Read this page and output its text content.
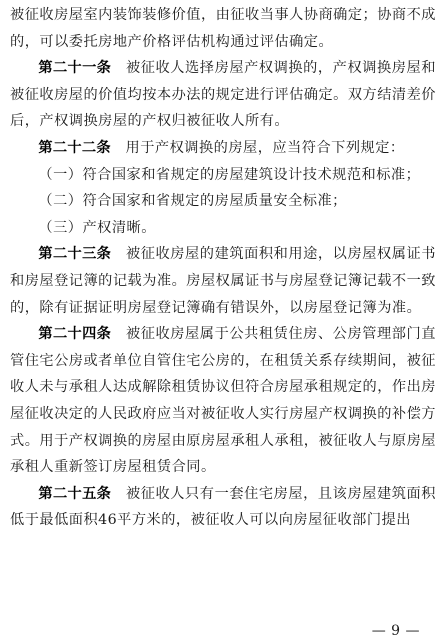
被征收房屋室内装饰装修价值，由征收当事人协商确定；协商不成的，可以委托房地产价格评估机构通过评估确定。

第二十一条　 被征收人选择房屋产权调换的，产权调换房屋和被征收房屋的价值均按本办法的规定进行评估确定。双方结清差价后，产权调换房屋的产权归被征收人所有。

第二十二条　 用于产权调换的房屋，应当符合下列规定：

（一）符合国家和省规定的房屋建筑设计技术规范和标准；

（二）符合国家和省规定的房屋质量安全标准；

（三）产权清晰。

第二十三条　 被征收房屋的建筑面积和用途，以房屋权属证书和房屋登记簿的记载为准。房屋权属证书与房屋登记簿记载不一致的，除有证据证明房屋登记簿确有错误外，以房屋登记簿为准。

第二十四条　 被征收房屋属于公共租赁住房、公房管理部门直管住宅公房或者单位自管住宅公房的，在租赁关系存续期间，被征收人未与承租人达成解除租赁协议但符合房屋承租规定的，作出房屋征收决定的人民政府应当对被征收人实行房屋产权调换的补偿方式。用于产权调换的房屋由原房屋承租人承租，被征收人与原房屋承租人重新签订房屋租赁合同。

第二十五条　 被征收人只有一套住宅房屋，且该房屋建筑面积低于最低面积46平方米的，被征收人可以向房屋征收部门提出

— 9 —
